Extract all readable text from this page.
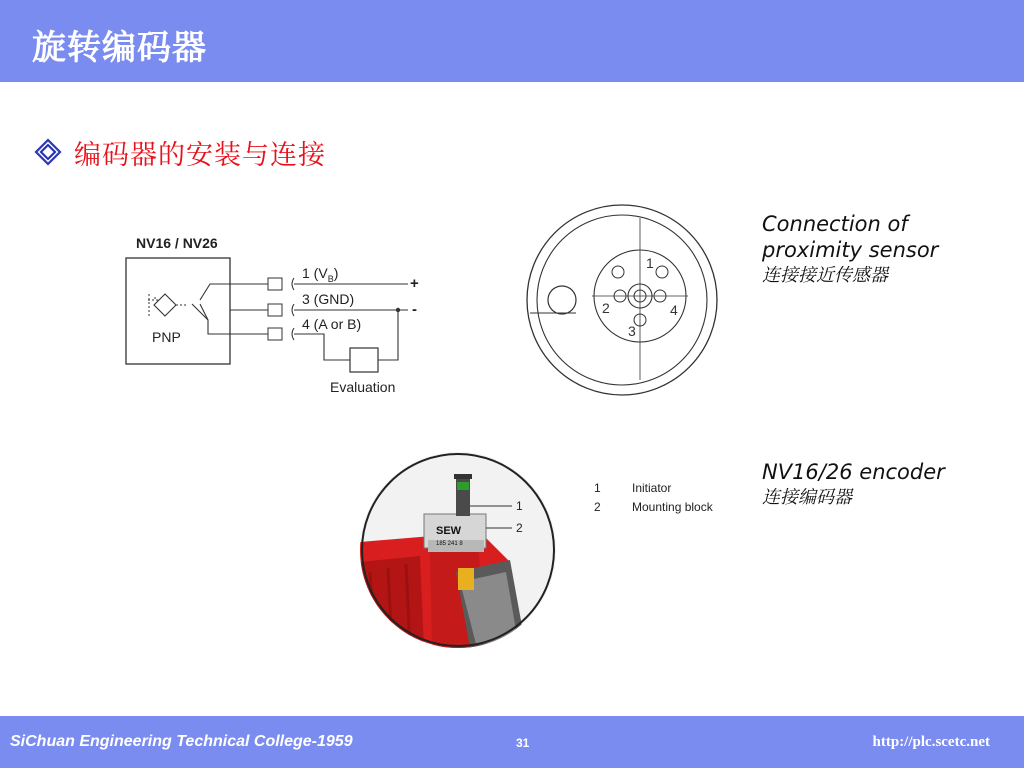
旋转编码器
编码器的安装与连接
NV16 / NV26
PNP
1 $(V_B)$
3 (GND)
4 (A or B)
Evaluation
+
-
1
2
3
4
Connection of proximity sensor
连接接近传感器
NV16/26 encoder
连接编码器
SEW
185 241 8
1
2
1	Initiator
2	Mounting block
SiChuan Engineering Technical College-1959	31	http://plc.scetc.net
